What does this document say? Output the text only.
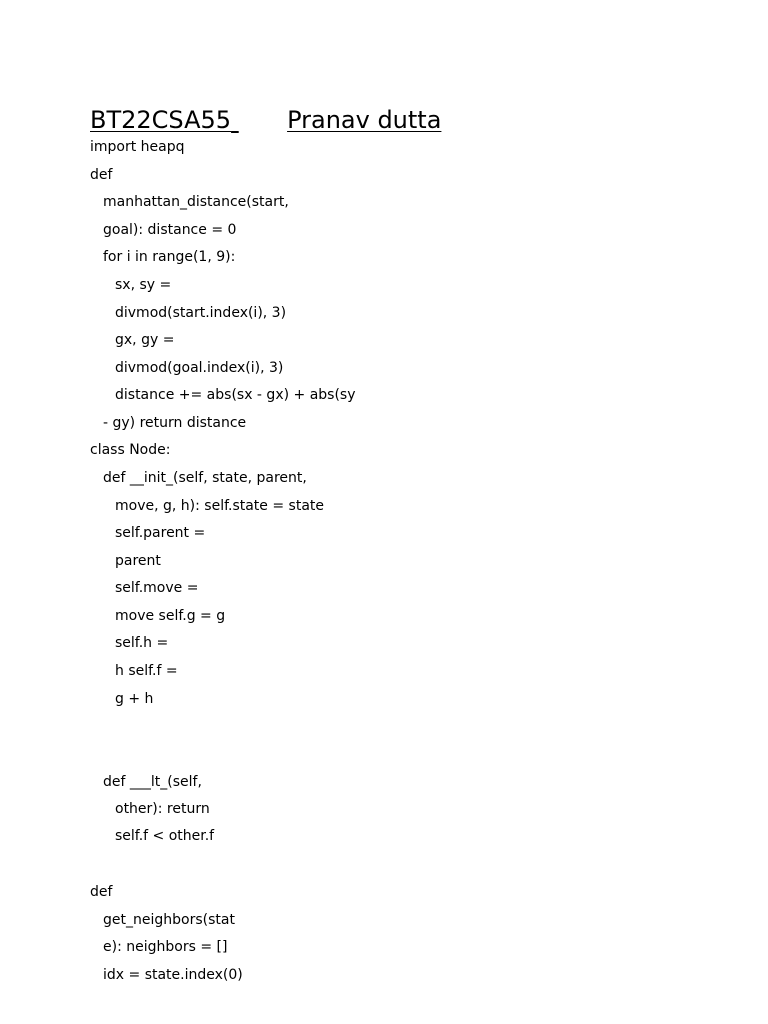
BT22CSA55 Pranav dutta
import heapq
def
manhattan_distance(start,
goal): distance = 0
for i in range(1, 9):
sx, sy =
divmod(start.index(i), 3)
gx, gy =
divmod(goal.index(i), 3)
distance += abs(sx - gx) + abs(sy
- gy) return distance
class Node:
def __init_(self, state, parent,
move, g, h): self.state = state
self.parent =
parent
self.move =
move self.g = g
self.h =
h self.f =
g + h
def ___lt_(self,
other): return
self.f < other.f
def
get_neighbors(stat
e): neighbors = []
idx = state.index(0)
